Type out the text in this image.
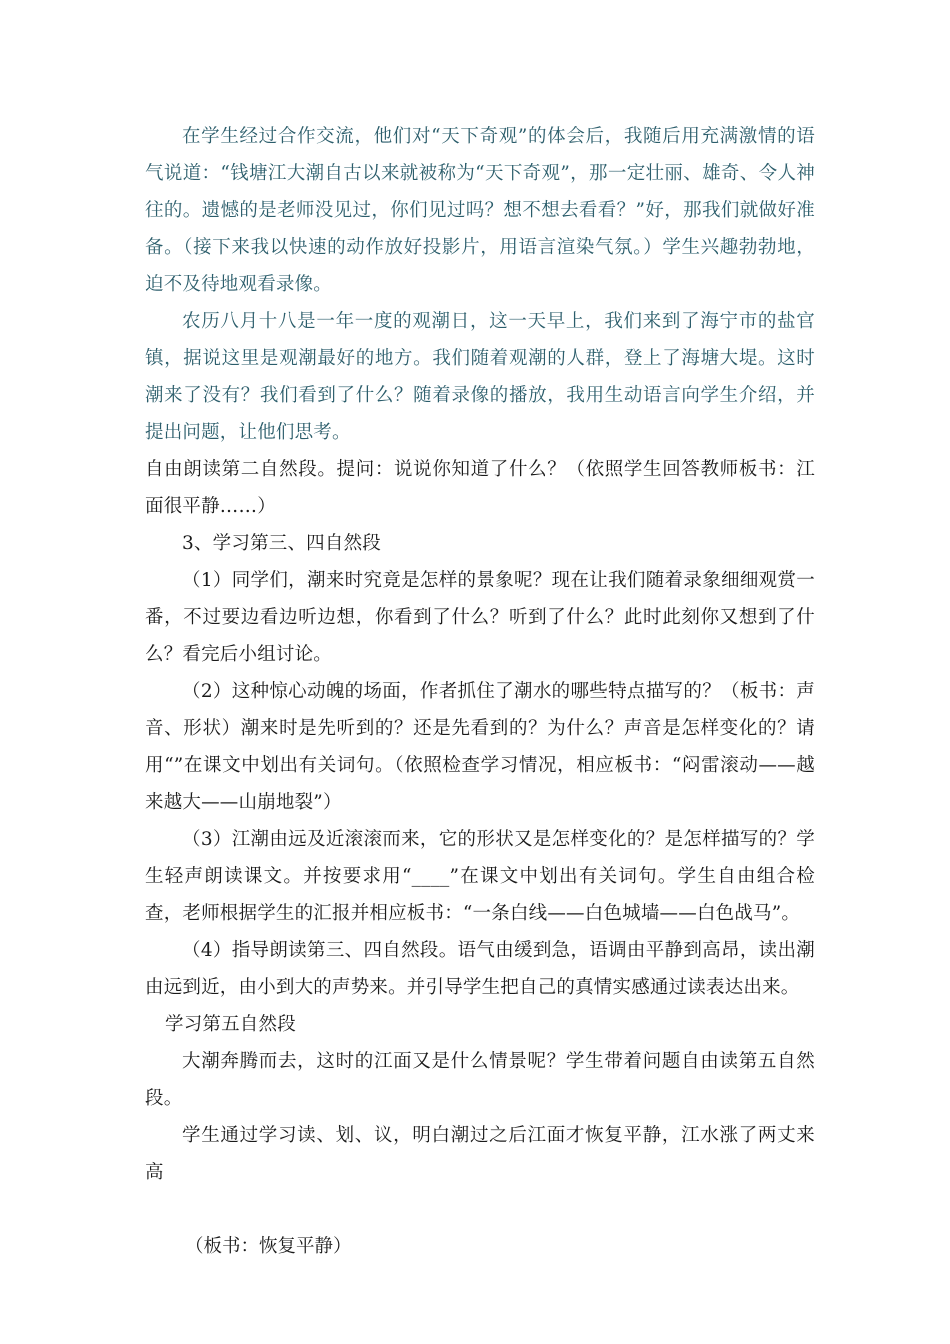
在学生经过合作交流，他们对“天下奇观”的体会后，我随后用充满激情的语气说道：“钱塘江大潮自古以来就被称为“天下奇观”，那一定壮丽、雄奇、令人神往的。遗憾的是老师没见过，你们见过吗？想不想去看看？”好，那我们就做好准备。（接下来我以快速的动作放好投影片，用语言渲染气氛。）学生兴趣勃勃地，迫不及待地观看录像。

农历八月十八是一年一度的观潮日，这一天早上，我们来到了海宁市的盐官镇，据说这里是观潮最好的地方。我们随着观潮的人群，登上了海塘大堤。这时潮来了没有？我们看到了什么？随着录像的播放，我用生动语言向学生介绍，并提出问题，让他们思考。

自由朗读第二自然段。提问：说说你知道了什么？（依照学生回答教师板书：江面很平静……）

3、学习第三、四自然段

（1）同学们，潮来时究竟是怎样的景象呢？现在让我们随着录象细细观赏一番，不过要边看边听边想，你看到了什么？听到了什么？此时此刻你又想到了什么？看完后小组讨论。

（2）这种惊心动魄的场面，作者抓住了潮水的哪些特点描写的？（板书：声音、形状）潮来时是先听到的？还是先看到的？为什么？声音是怎样变化的？请用“”在课文中划出有关词句。（依照检查学习情况，相应板书：“闷雷滚动——越来越大——山崩地裂”）

（3）江潮由远及近滚滚而来，它的形状又是怎样变化的？是怎样描写的？学生轻声朗读课文。并按要求用“____”在课文中划出有关词句。学生自由组合检查，老师根据学生的汇报并相应板书：“一条白线——白色城墙——白色战马”。

（4）指导朗读第三、四自然段。语气由缓到急，语调由平静到高昂，读出潮由远到近，由小到大的声势来。并引导学生把自己的真情实感通过读表达出来。

学习第五自然段

大潮奔腾而去，这时的江面又是什么情景呢？学生带着问题自由读第五自然段。

学生通过学习读、划、议，明白潮过之后江面才恢复平静，江水涨了两丈来高

（板书：恢复平静）
